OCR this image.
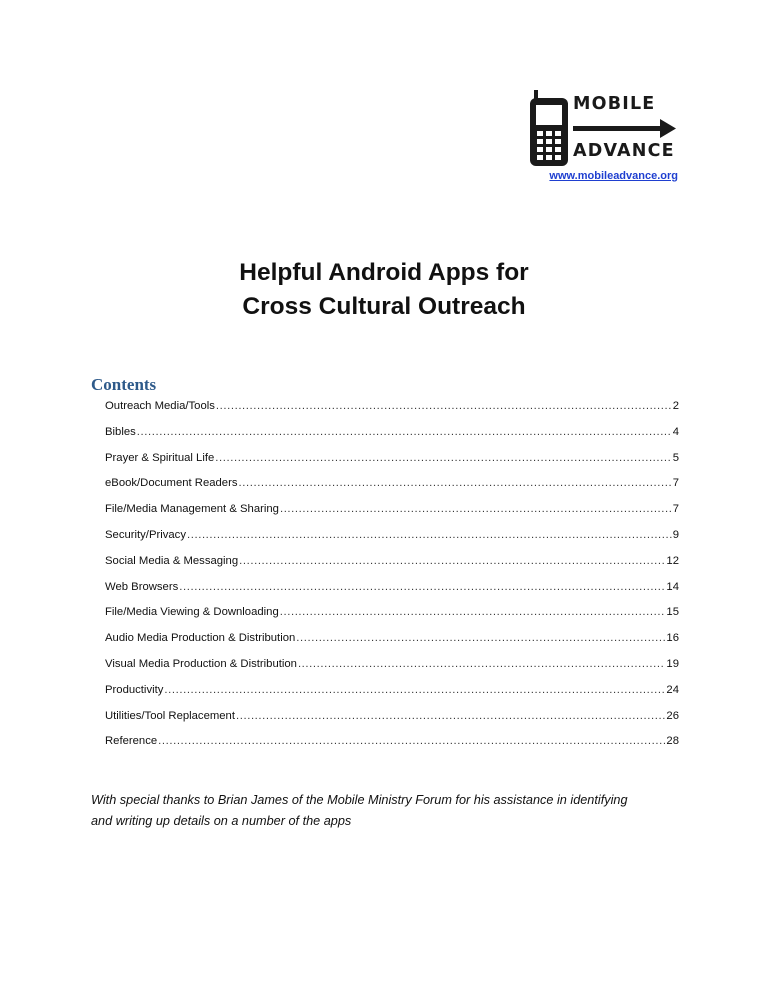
MOBILE
ADVANCE
www.mobileadvance.org
Helpful Android Apps for
Cross Cultural Outreach
Contents
Outreach Media/Tools .....	2
Bibles .....	4
Prayer & Spiritual Life .....	5
eBook/Document Readers .....	7
File/Media Management & Sharing .....	7
Security/Privacy .....	9
Social Media & Messaging .....	12
Web Browsers .....	14
File/Media Viewing & Downloading .....	15
Audio Media Production & Distribution .....	16
Visual Media Production & Distribution .....	19
Productivity .....	24
Utilities/Tool Replacement .....	26
Reference .....	28
With special thanks to Brian James of the Mobile Ministry Forum for his assistance in identifying
and writing up details on a number of the apps
